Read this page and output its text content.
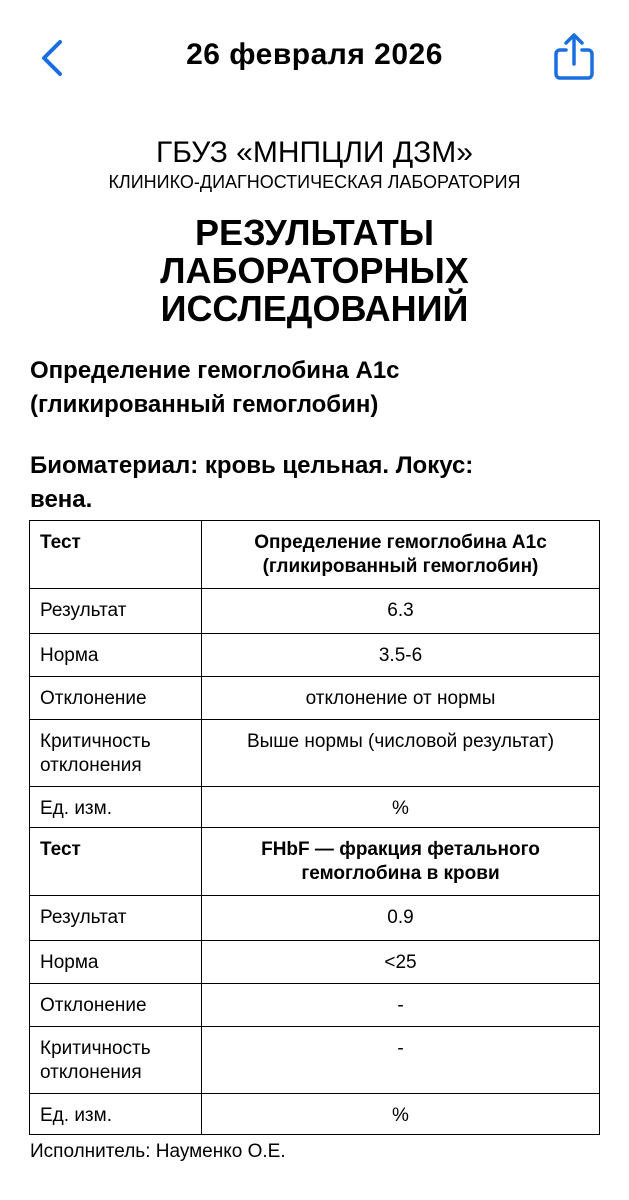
26 февраля 2026
ГБУЗ «МНПЦЛИ ДЗМ»
КЛИНИКО-ДИАГНОСТИЧЕСКАЯ ЛАБОРАТОРИЯ
РЕЗУЛЬТАТЫ
ЛАБОРАТОРНЫХ
ИССЛЕДОВАНИЙ
Определение гемоглобина А1с
(гликированный гемоглобин)
Биоматериал: кровь цельная. Локус:
вена.
Тест	Определение гемоглобина А1с
(гликированный гемоглобин)

Результат	6.3
Норма	3.5-6
Отклонение	отклонение от нормы

Критичность
отклонения	Выше нормы (числовой результат)
Ед. изм.	%
Тест	FHbF — фракция фетального
гемоглобина в крови

Результат	0.9
Норма	<25
Отклонение	-

Критичность
отклонения	-
Ед. изм.	%
Исполнитель: Науменко О.Е.
